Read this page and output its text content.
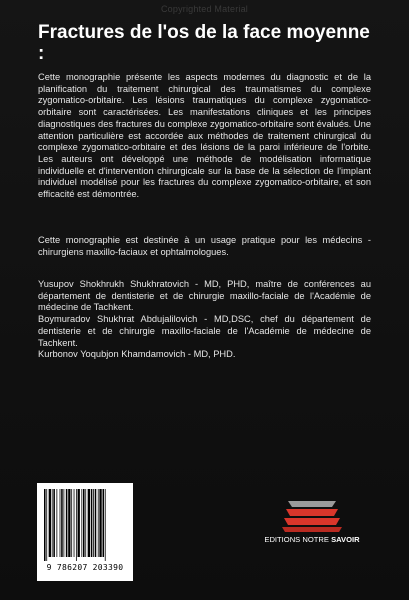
Copyrighted Material
Fractures de l'os de la face moyenne :

Cette monographie présente les aspects modernes du diagnostic et de la planification du traitement chirurgical des traumatismes du complexe zygomatico-orbitaire. Les lésions traumatiques du complexe zygomatico-orbitaire sont caractérisées. Les manifestations cliniques et les principes diagnostiques des fractures du complexe zygomatico-orbitaire sont évalués. Une attention particulière est accordée aux méthodes de traitement chirurgical du complexe zygomatico-orbitaire et des lésions de la paroi inférieure de l'orbite. Les auteurs ont développé une méthode de modélisation informatique individuelle et d'intervention chirurgicale sur la base de la sélection de l'implant individuel modélisé pour les fractures du complexe zygomatico-orbitaire, et son efficacité est démontrée.

Cette monographie est destinée à un usage pratique pour les médecins - chirurgiens maxillo-faciaux et ophtalmologues.

Yusupov Shokhrukh Shukhratovich - MD, PHD, maître de conférences au département de dentisterie et de chirurgie maxillo-faciale de l'Académie de médecine de Tachkent.

Boymuradov Shukhrat Abdujalilovich - MD,DSC, chef du département de dentisterie et de chirurgie maxillo-faciale de l'Académie de médecine de Tachkent.

Kurbonov Yoqubjon Khamdamovich - MD, PHD.

9 786207 203390
EDITIONS NOTRE SAVOIR
